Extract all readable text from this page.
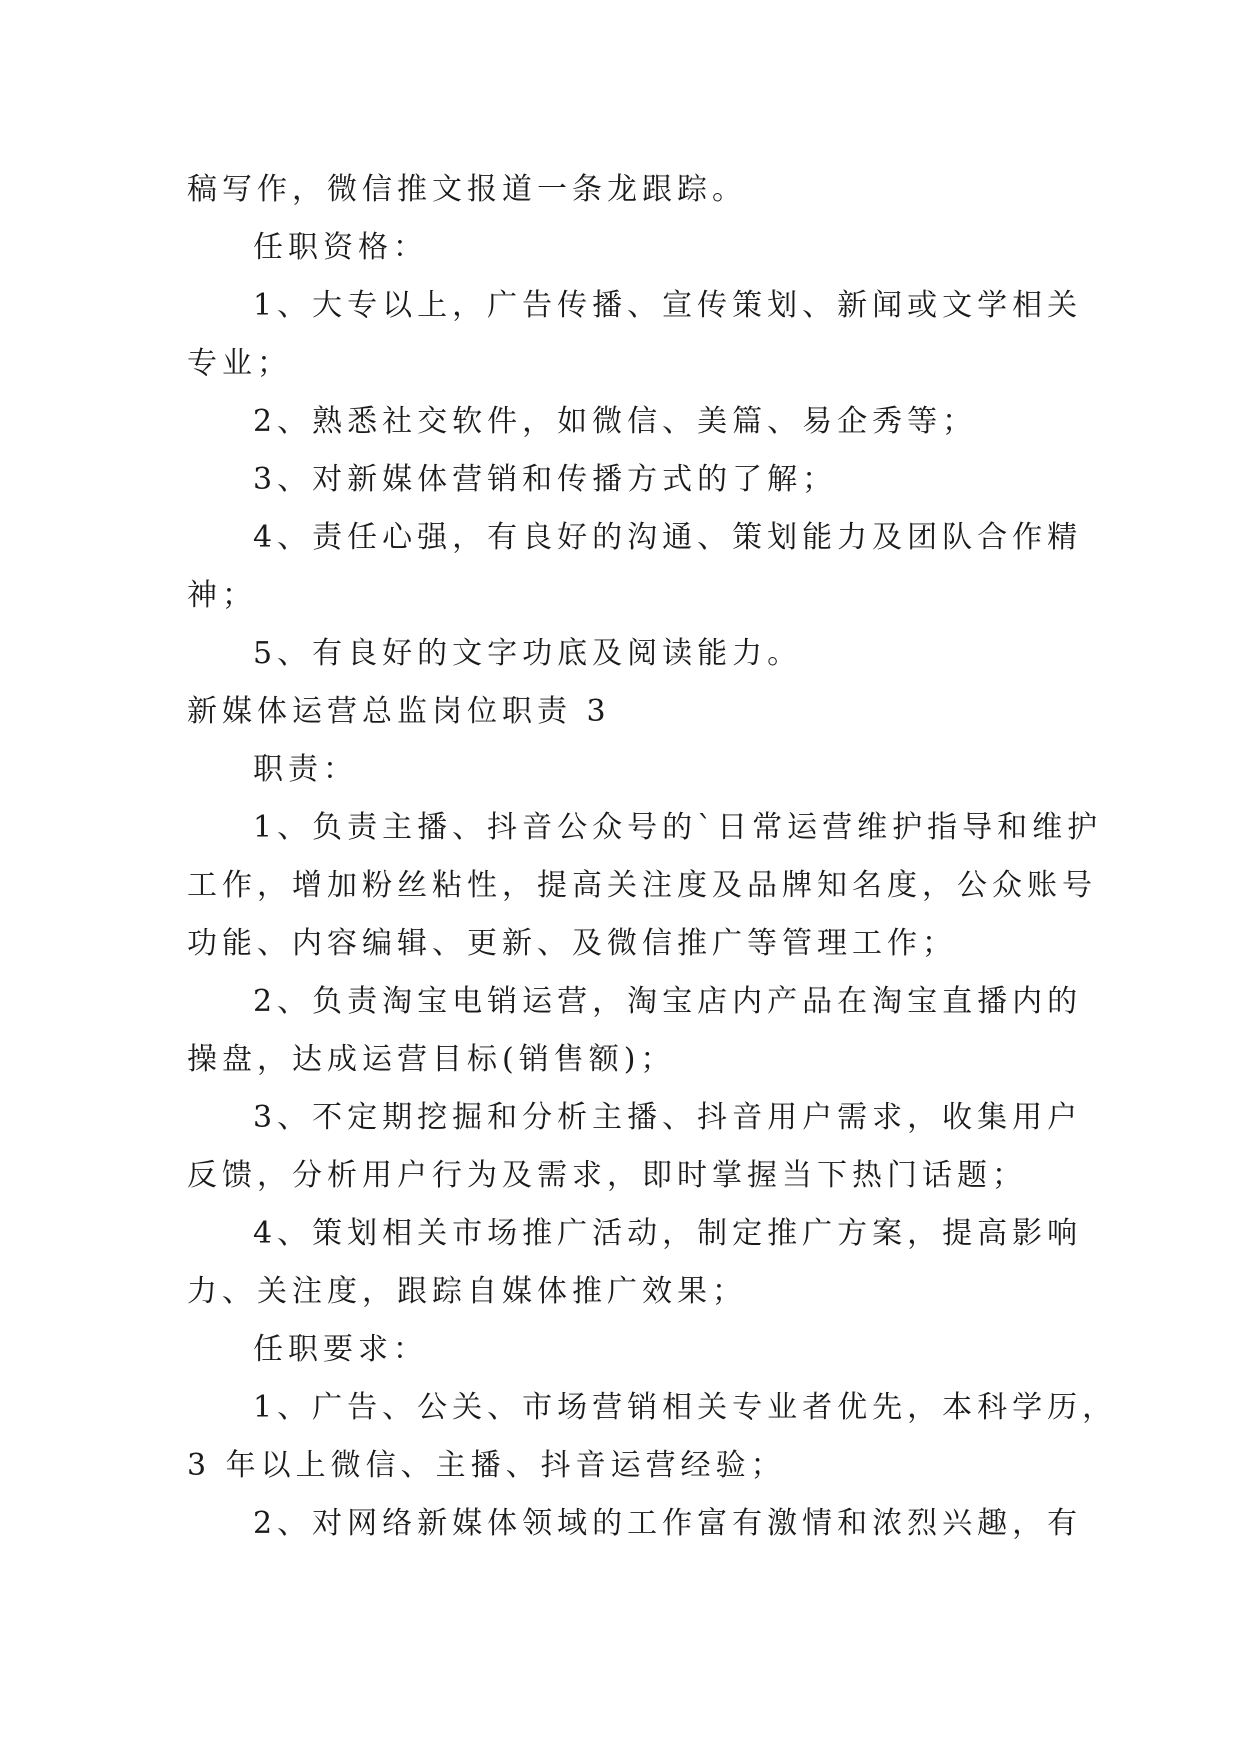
稿写作，微信推文报道一条龙跟踪。
任职资格：
1、大专以上，广告传播、宣传策划、新闻或文学相关
专业；
2、熟悉社交软件，如微信、美篇、易企秀等；
3、对新媒体营销和传播方式的了解；
4、责任心强，有良好的沟通、策划能力及团队合作精
神；
5、有良好的文字功底及阅读能力。
新媒体运营总监岗位职责 3
职责：
1、负责主播、抖音公众号的`日常运营维护指导和维护
工作，增加粉丝粘性，提高关注度及品牌知名度，公众账号
功能、内容编辑、更新、及微信推广等管理工作；
2、负责淘宝电销运营，淘宝店内产品在淘宝直播内的
操盘，达成运营目标(销售额)；
3、不定期挖掘和分析主播、抖音用户需求，收集用户
反馈，分析用户行为及需求，即时掌握当下热门话题；
4、策划相关市场推广活动，制定推广方案，提高影响
力、关注度，跟踪自媒体推广效果；
任职要求：
1、广告、公关、市场营销相关专业者优先，本科学历，
3 年以上微信、主播、抖音运营经验；
2、对网络新媒体领域的工作富有激情和浓烈兴趣，有
